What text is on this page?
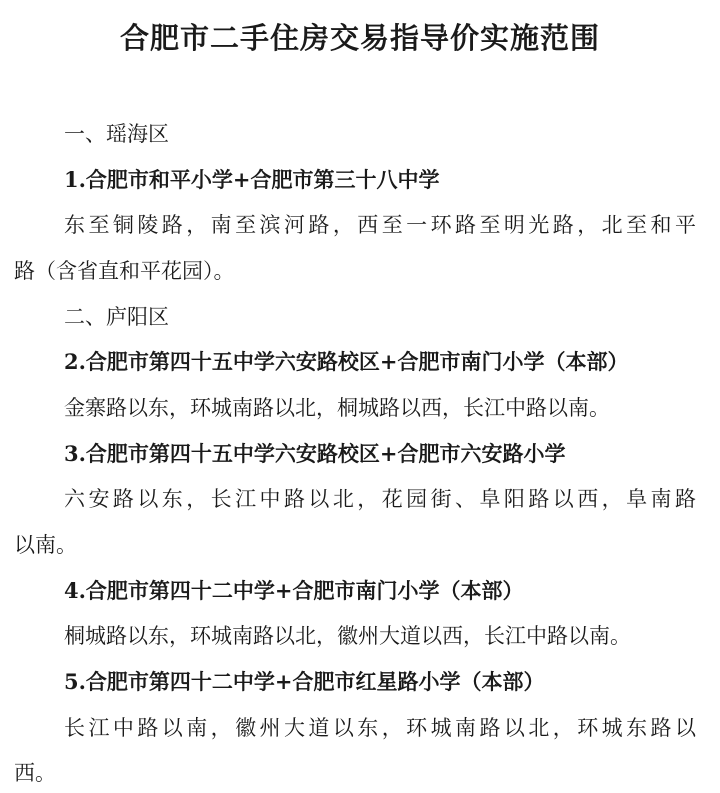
合肥市二手住房交易指导价实施范围
一、瑶海区
1.合肥市和平小学+合肥市第三十八中学
东至铜陵路，南至滨河路，西至一环路至明光路，北至和平
路（含省直和平花园）。
二、庐阳区
2.合肥市第四十五中学六安路校区+合肥市南门小学（本部）
金寨路以东，环城南路以北，桐城路以西，长江中路以南。
3.合肥市第四十五中学六安路校区+合肥市六安路小学
六安路以东，长江中路以北，花园街、阜阳路以西，阜南路
以南。
4.合肥市第四十二中学+合肥市南门小学（本部）
桐城路以东，环城南路以北，徽州大道以西，长江中路以南。
5.合肥市第四十二中学+合肥市红星路小学（本部）
长江中路以南，徽州大道以东，环城南路以北，环城东路以
西。
